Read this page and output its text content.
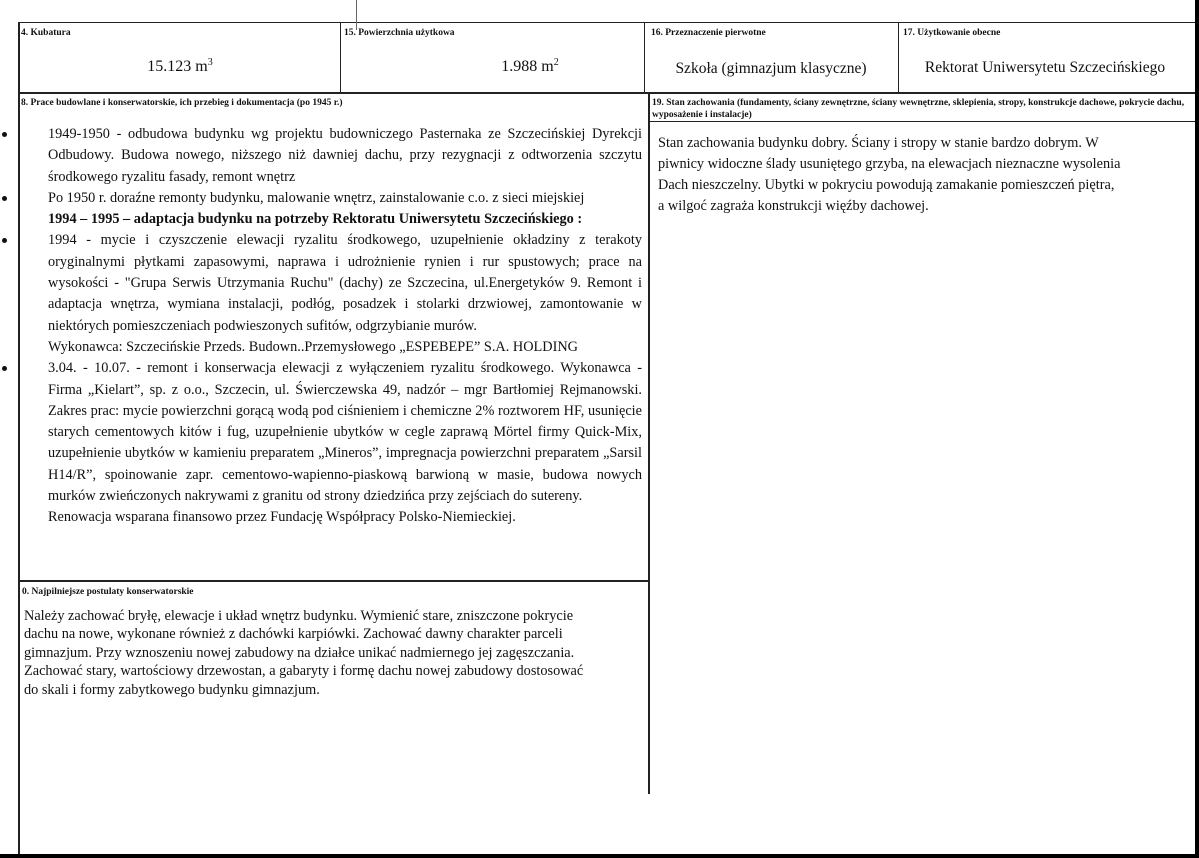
4. Kubatura
15.123 $m^3$
15. Powierzchnia użytkowa
1.988 $m^2$
16. Przeznaczenie pierwotne
Szkoła (gimnazjum klasyczne)
17. Użytkowanie obecne
Rektorat Uniwersytetu Szczecińskiego
8. Prace budowlane i konserwatorskie, ich przebieg i dokumentacja (po 1945 r.)

1949-1950 - odbudowa budynku wg projektu budowniczego Pasternaka ze Szczecińskiej Dyrekcji Odbudowy. Budowa nowego, niższego niż dawniej dachu, przy rezygnacji z odtworzenia szczytu środkowego ryzalitu fasady, remont wnętrz

Po 1950 r. doraźne remonty budynku, malowanie wnętrz, zainstalowanie c.o. z sieci miejskiej

1994 – 1995 – adaptacja budynku na potrzeby Rektoratu Uniwersytetu Szczecińskiego :

1994 - mycie i czyszczenie elewacji ryzalitu środkowego, uzupełnienie okładziny z terakoty oryginalnymi płytkami zapasowymi, naprawa i udrożnienie rynien i rur spustowych; prace na wysokości - "Grupa Serwis Utrzymania Ruchu" (dachy) ze Szczecina, ul.Energetyków 9. Remont i adaptacja wnętrza, wymiana instalacji, podłóg, posadzek i stolarki drzwiowej, zamontowanie w niektórych pomieszczeniach podwieszonych sufitów, odgrzybianie murów.

Wykonawca: Szczecińskie Przeds. Budown..Przemysłowego „ESPEBEPE” S.A. HOLDING

3.04. - 10.07. - remont i konserwacja elewacji z wyłączeniem ryzalitu środkowego. Wykonawca - Firma „Kielart”, sp. z o.o., Szczecin, ul. Świerczewska 49, nadzór – mgr Bartłomiej Rejmanowski. Zakres prac: mycie powierzchni gorącą wodą pod ciśnieniem i chemiczne 2% roztworem HF, usunięcie starych cementowych kitów i fug, uzupełnienie ubytków w cegle zaprawą Mörtel firmy Quick-Mix, uzupełnienie ubytków w kamieniu preparatem „Mineros”, impregnacja powierzchni preparatem „Sarsil H14/R”, spoinowanie zapr. cementowo-wapienno-piaskową barwioną w masie, budowa nowych murków zwieńczonych nakrywami z granitu od strony dziedzińca przy zejściach do sutereny.

Renowacja wsparana finansowo przez Fundację Współpracy Polsko-Niemieckiej.

19. Stan zachowania (fundamenty, ściany zewnętrzne, ściany wewnętrzne, sklepienia, stropy, konstrukcje dachowe, pokrycie dachu, wyposażenie i instalacje)
Stan zachowania budynku dobry. Ściany i stropy w stanie bardzo dobrym. W
piwnicy widoczne ślady usuniętego grzyba, na elewacjach nieznaczne wysolenia
Dach nieszczelny. Ubytki w pokryciu powodują zamakanie pomieszczeń piętra,
a wilgoć zagraża konstrukcji więźby dachowej.
0. Najpilniejsze postulaty konserwatorskie
Należy zachować bryłę, elewacje i układ wnętrz budynku. Wymienić stare, zniszczone pokrycie
dachu na nowe, wykonane również z dachówki karpiówki. Zachować dawny charakter parceli
gimnazjum. Przy wznoszeniu nowej zabudowy na działce unikać nadmiernego jej zagęszczania.
Zachować stary, wartościowy drzewostan, a gabaryty i formę dachu nowej zabudowy dostosować
do skali i formy zabytkowego budynku gimnazjum.
